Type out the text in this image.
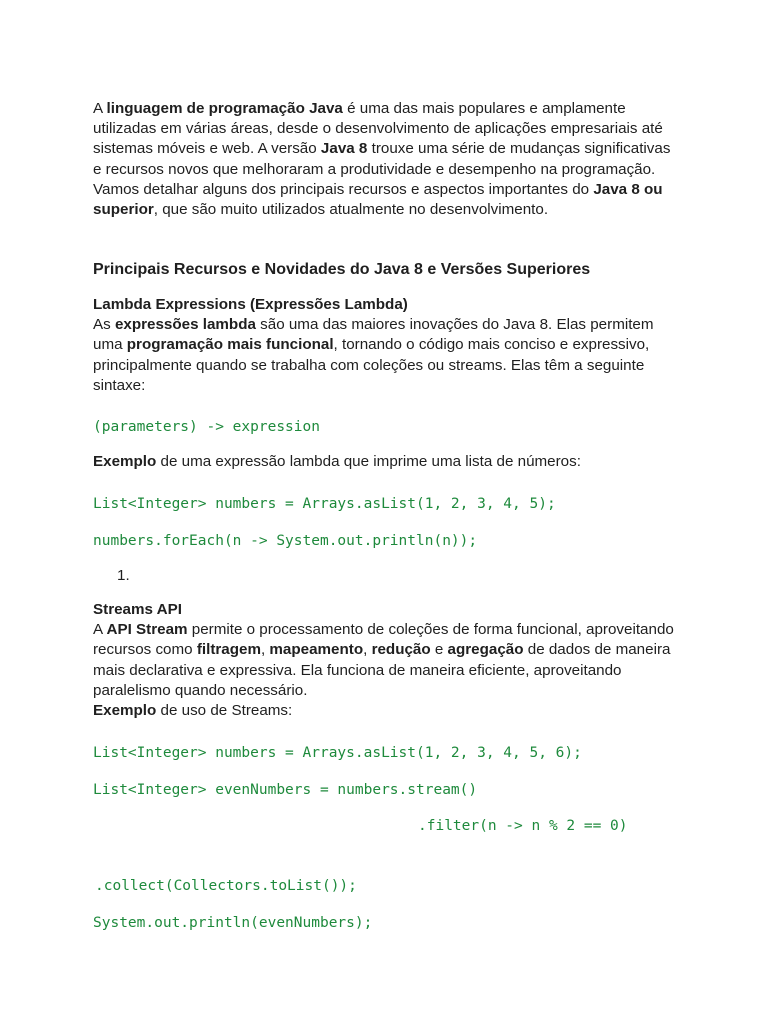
A linguagem de programação Java é uma das mais populares e amplamente utilizadas em várias áreas, desde o desenvolvimento de aplicações empresariais até sistemas móveis e web. A versão Java 8 trouxe uma série de mudanças significativas e recursos novos que melhoraram a produtividade e desempenho na programação. Vamos detalhar alguns dos principais recursos e aspectos importantes do Java 8 ou superior, que são muito utilizados atualmente no desenvolvimento.

Principais Recursos e Novidades do Java 8 e Versões Superiores
Lambda Expressions (Expressões Lambda)
As expressões lambda são uma das maiores inovações do Java 8. Elas permitem uma programação mais funcional, tornando o código mais conciso e expressivo, principalmente quando se trabalha com coleções ou streams. Elas têm a seguinte sintaxe:
(parameters) -> expression

Exemplo de uma expressão lambda que imprime uma lista de números:

List<Integer> numbers = Arrays.asList(1, 2, 3, 4, 5);
numbers.forEach(n -> System.out.println(n));
1.
Streams API
A API Stream permite o processamento de coleções de forma funcional, aproveitando recursos como filtragem, mapeamento, redução e agregação de dados de maneira mais declarativa e expressiva. Ela funciona de maneira eficiente, aproveitando paralelismo quando necessário.
Exemplo de uso de Streams:
List<Integer> numbers = Arrays.asList(1, 2, 3, 4, 5, 6);
List<Integer> evenNumbers = numbers.stream()
.filter(n -> n % 2 == 0)
.collect(Collectors.toList());
System.out.println(evenNumbers);
